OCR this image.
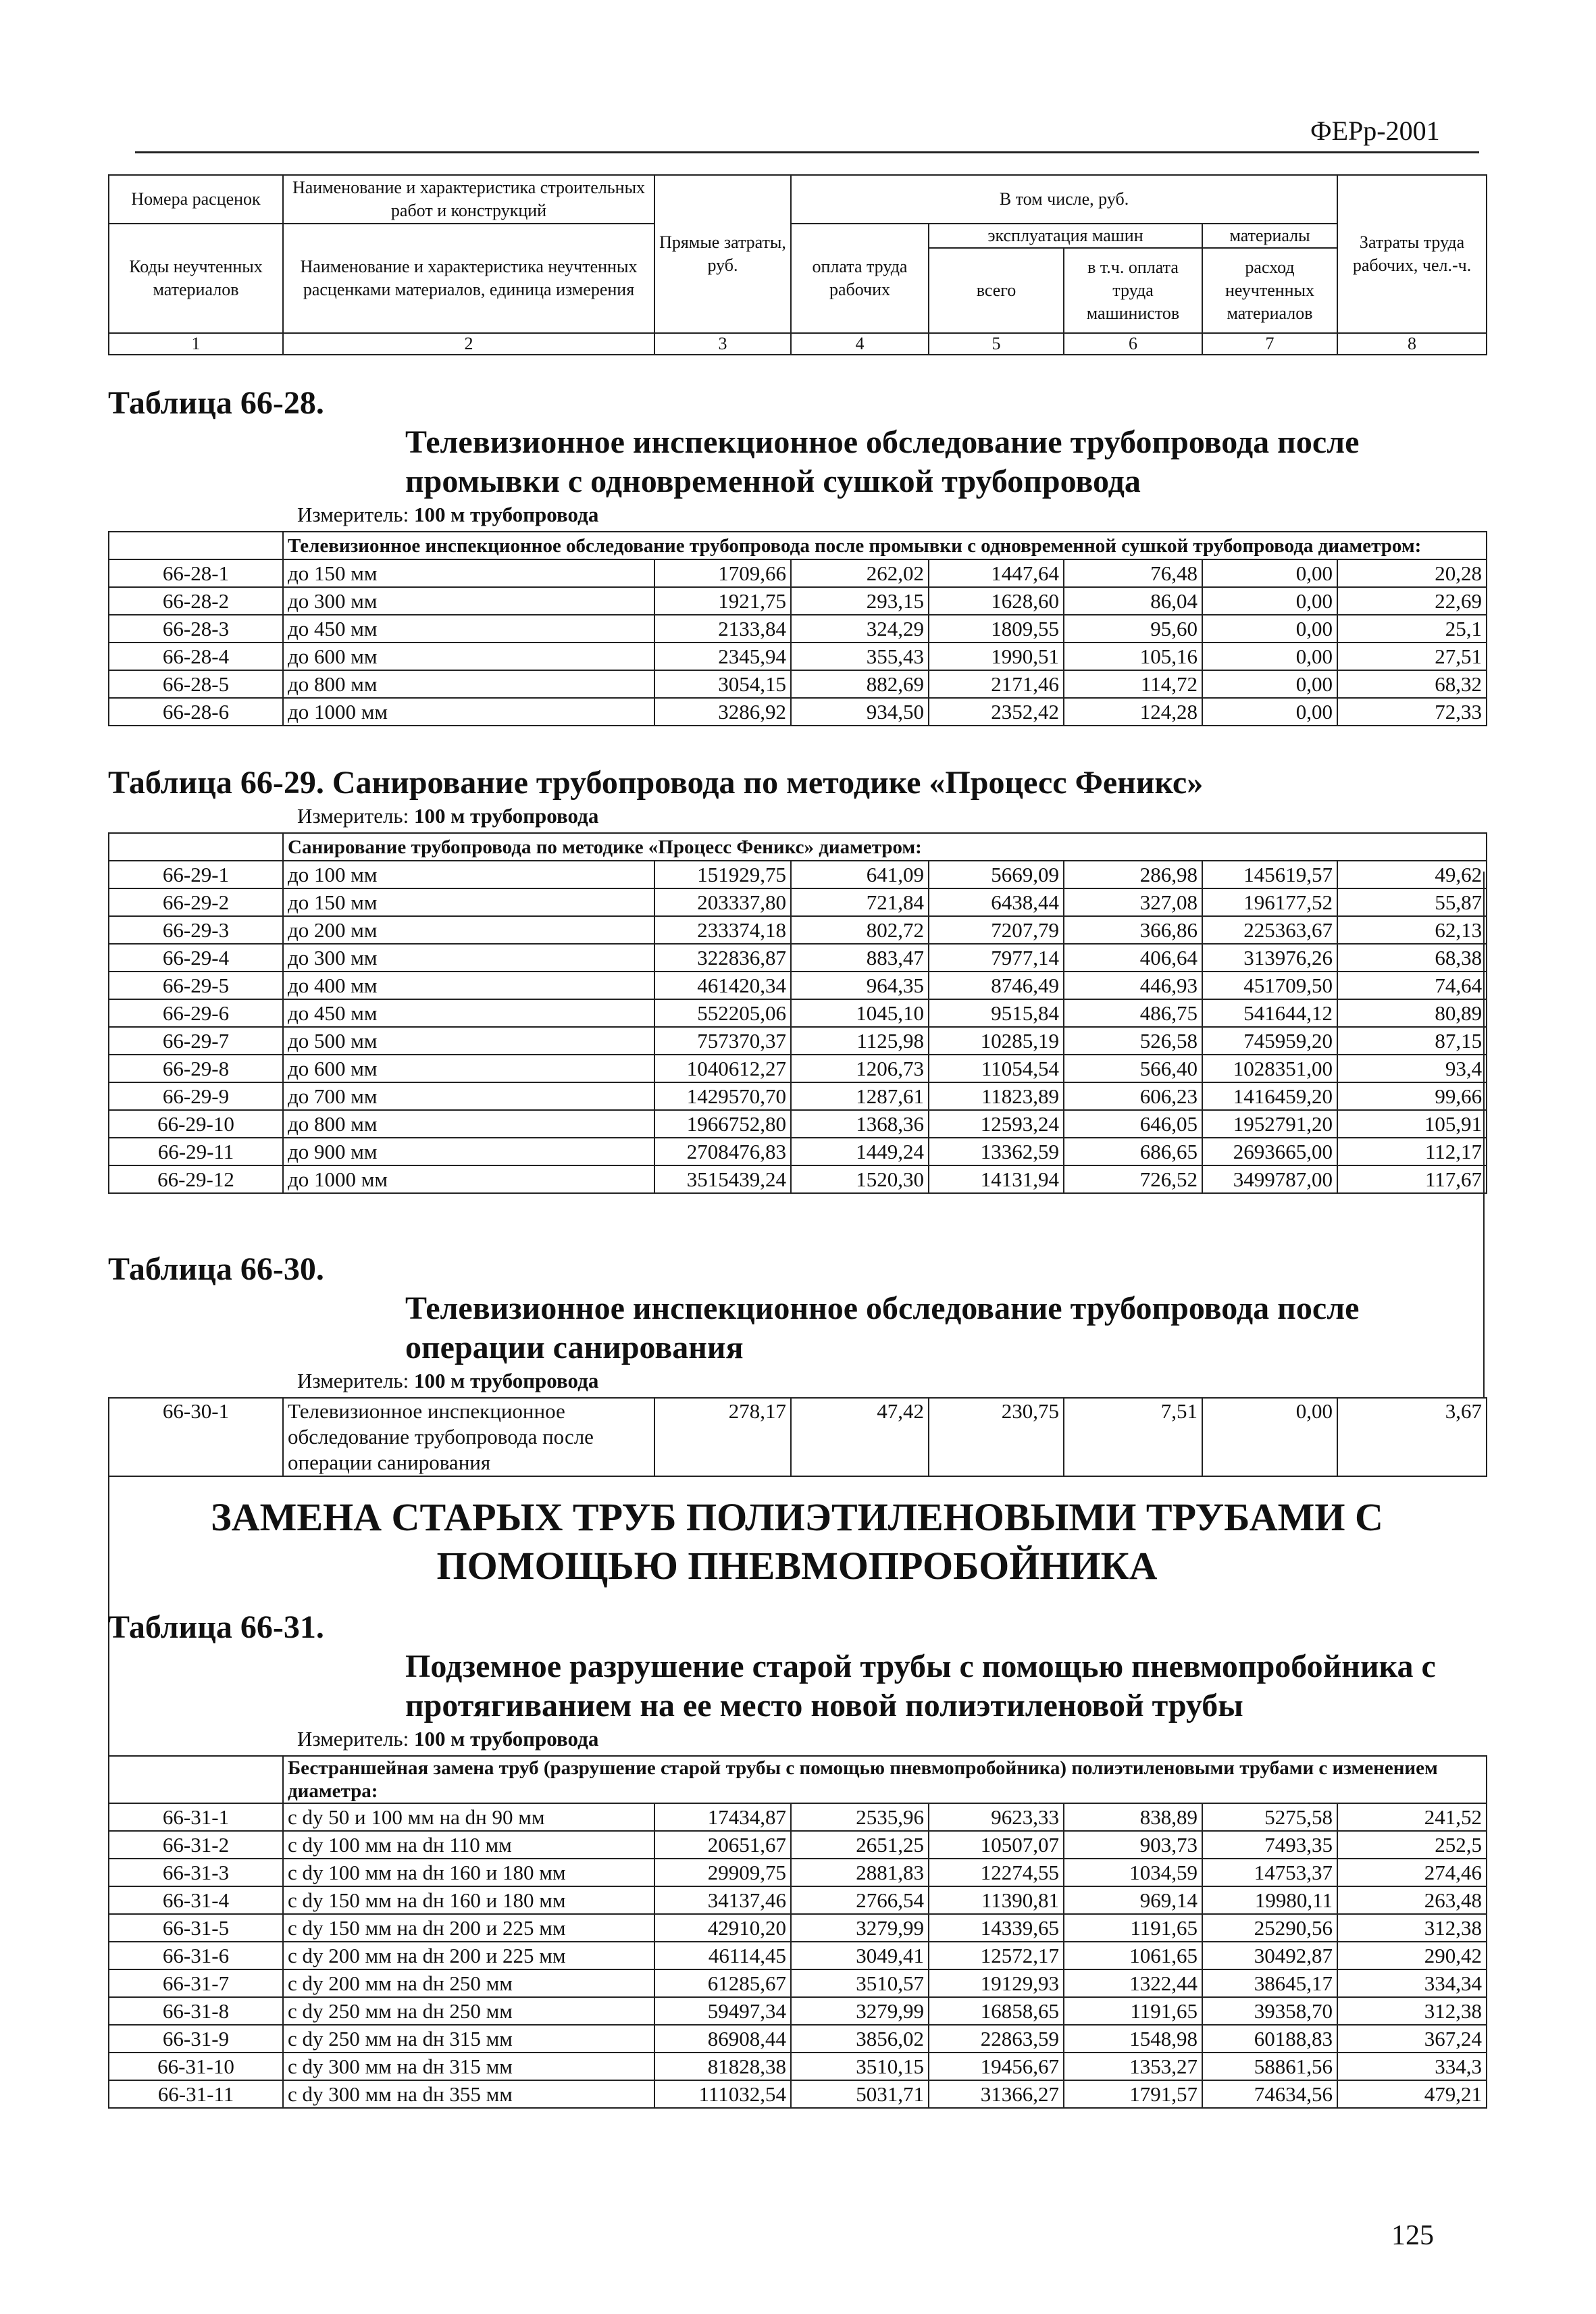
ФЕРр-2001
Номера расценок	Наименование и характеристика строительных работ и конструкций	Прямые затраты, руб.	В том числе, руб.				Затраты труда рабочих, чел.-ч.
Коды неучтенных материалов	Наименование и характеристика неучтенных расценками материалов, единица измерения		оплата труда рабочих	эксплуатация машин		материалы	
				всего	в т.ч. оплата труда машинистов	расход неучтенных материалов	

1	2	3	4	5	6	7	8
Таблица 66-28.
Телевизионное инспекционное обследование трубопровода после промывки с одновременной сушкой трубопровода
Измеритель: 100 м трубопровода
	Телевизионное инспекционное обследование трубопровода после промывки с одновременной сушкой трубопровода диаметром:						
66-28-1	до 150 мм	1709,66	262,02	1447,64	76,48	0,00	20,28
66-28-2	до 300 мм	1921,75	293,15	1628,60	86,04	0,00	22,69
66-28-3	до 450 мм	2133,84	324,29	1809,55	95,60	0,00	25,1
66-28-4	до 600 мм	2345,94	355,43	1990,51	105,16	0,00	27,51
66-28-5	до 800 мм	3054,15	882,69	2171,46	114,72	0,00	68,32
66-28-6	до 1000 мм	3286,92	934,50	2352,42	124,28	0,00	72,33
Таблица 66-29. Санирование трубопровода по методике «Процесс Феникс»
Измеритель: 100 м трубопровода
	Санирование трубопровода по методике «Процесс Феникс» диаметром:						
66-29-1	до 100 мм	151929,75	641,09	5669,09	286,98	145619,57	49,62
66-29-2	до 150 мм	203337,80	721,84	6438,44	327,08	196177,52	55,87
66-29-3	до 200 мм	233374,18	802,72	7207,79	366,86	225363,67	62,13
66-29-4	до 300 мм	322836,87	883,47	7977,14	406,64	313976,26	68,38
66-29-5	до 400 мм	461420,34	964,35	8746,49	446,93	451709,50	74,64
66-29-6	до 450 мм	552205,06	1045,10	9515,84	486,75	541644,12	80,89
66-29-7	до 500 мм	757370,37	1125,98	10285,19	526,58	745959,20	87,15
66-29-8	до 600 мм	1040612,27	1206,73	11054,54	566,40	1028351,00	93,4
66-29-9	до 700 мм	1429570,70	1287,61	11823,89	606,23	1416459,20	99,66
66-29-10	до 800 мм	1966752,80	1368,36	12593,24	646,05	1952791,20	105,91
66-29-11	до 900 мм	2708476,83	1449,24	13362,59	686,65	2693665,00	112,17
66-29-12	до 1000 мм	3515439,24	1520,30	14131,94	726,52	3499787,00	117,67
Таблица 66-30.
Телевизионное инспекционное обследование трубопровода после операции санирования
Измеритель: 100 м трубопровода
66-30-1	Телевизионное инспекционное обследование трубопровода после операции санирования	278,17	47,42	230,75	7,51	0,00	3,67
ЗАМЕНА СТАРЫХ ТРУБ ПОЛИЭТИЛЕНОВЫМИ ТРУБАМИ С ПОМОЩЬЮ ПНЕВМОПРОБОЙНИКА
Таблица 66-31.
Подземное разрушение старой трубы с помощью пневмопробойника с протягиванием на ее место новой полиэтиленовой трубы
Измеритель: 100 м трубопровода
	Бестраншейная замена труб (разрушение старой трубы с помощью пневмопробойника) полиэтиленовыми трубами с изменением диаметра:						
66-31-1	с dy 50 и 100 мм на dн 90 мм	17434,87	2535,96	9623,33	838,89	5275,58	241,52
66-31-2	с dy 100 мм на dн 110 мм	20651,67	2651,25	10507,07	903,73	7493,35	252,5
66-31-3	с dy 100 мм на dн 160 и 180 мм	29909,75	2881,83	12274,55	1034,59	14753,37	274,46
66-31-4	с dy 150 мм на dн 160 и 180 мм	34137,46	2766,54	11390,81	969,14	19980,11	263,48
66-31-5	с dy 150 мм на dн 200 и 225 мм	42910,20	3279,99	14339,65	1191,65	25290,56	312,38
66-31-6	с dy 200 мм на dн 200 и 225 мм	46114,45	3049,41	12572,17	1061,65	30492,87	290,42
66-31-7	с dy 200 мм на dн 250 мм	61285,67	3510,57	19129,93	1322,44	38645,17	334,34
66-31-8	с dy 250 мм на dн 250 мм	59497,34	3279,99	16858,65	1191,65	39358,70	312,38
66-31-9	с dy 250 мм на dн 315 мм	86908,44	3856,02	22863,59	1548,98	60188,83	367,24
66-31-10	с dy 300 мм на dн 315 мм	81828,38	3510,15	19456,67	1353,27	58861,56	334,3
66-31-11	с dy 300 мм на dн 355 мм	111032,54	5031,71	31366,27	1791,57	74634,56	479,21
125
